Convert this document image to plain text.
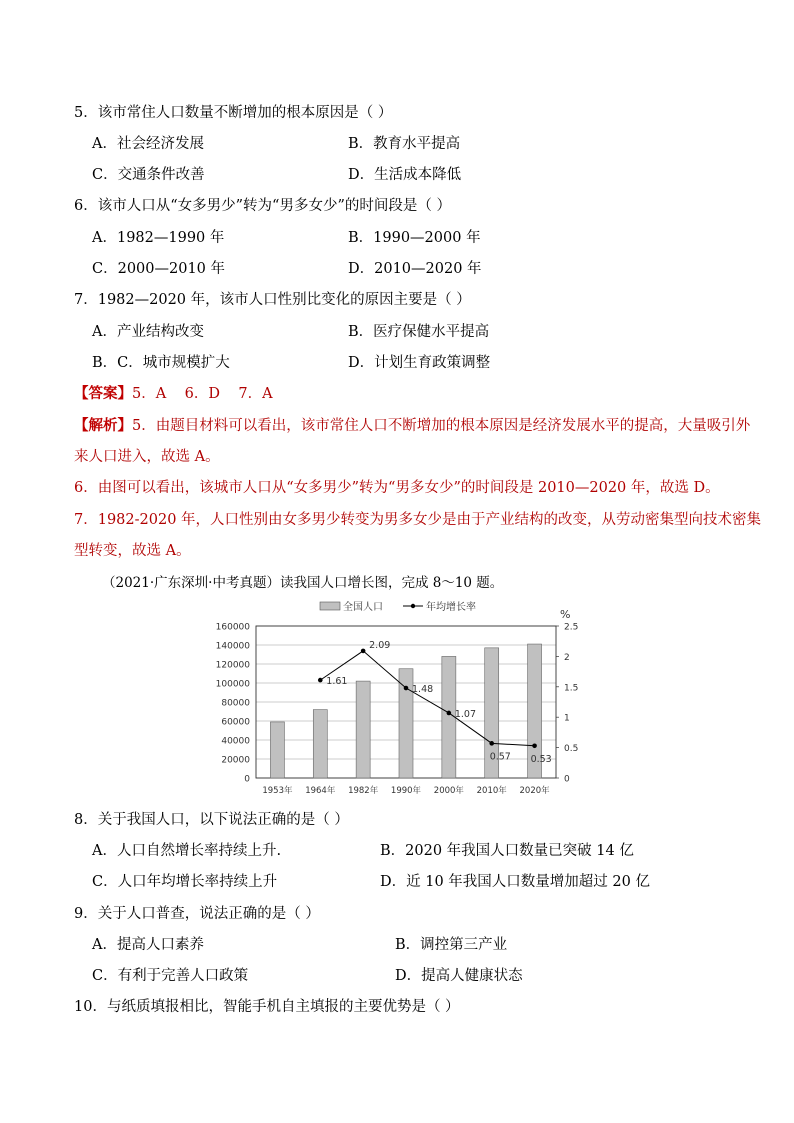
5．该市常住人口数量不断增加的根本原因是（ ）
A．社会经济发展	B．教育水平提高
C．交通条件改善	D．生活成本降低
6．该市人口从“女多男少”转为“男多女少”的时间段是（ ）
A．1982—1990 年	B．1990—2000 年
C．2000—2010 年	D．2010—2020 年
7．1982—2020 年，该市人口性别比变化的原因主要是（ ）
A．产业结构改变	B．医疗保健水平提高
B．C．城市规模扩大	D．计划生育政策调整
【答案】5．A    6．D    7．A
【解析】5．由题目材料可以看出，该市常住人口不断增加的根本原因是经济发展水平的提高，大量吸引外
来人口进入，故选 A。
6．由图可以看出，该城市人口从“女多男少”转为“男多女少”的时间段是 2010—2020 年，故选 D。
7．1982-2020 年，人口性别由女多男少转变为男多女少是由于产业结构的改变，从劳动密集型向技术密集
型转变，故选 A。
（2021·广东深圳·中考真题）读我国人口增长图，完成 8～10 题。
全国人口	年均增长率
0
20000
40000
60000
80000
100000
120000
140000
160000
0
0.5
1
1.5
2
2.5
%
1953年 1964年 1982年 1990年 2000年 2010年 2020年
1.61
2.09
1.48
1.07
0.57 0.53
8．关于我国人口，以下说法正确的是（ ）
A．人口自然增长率持续上升.	B．2020 年我国人口数量已突破 14 亿
C．人口年均增长率持续上升	D．近 10 年我国人口数量增加超过 20 亿
9．关于人口普查，说法正确的是（ ）
A．提高人口素养	B．调控第三产业
C．有利于完善人口政策	D．提高人健康状态
10．与纸质填报相比，智能手机自主填报的主要优势是（ ）
